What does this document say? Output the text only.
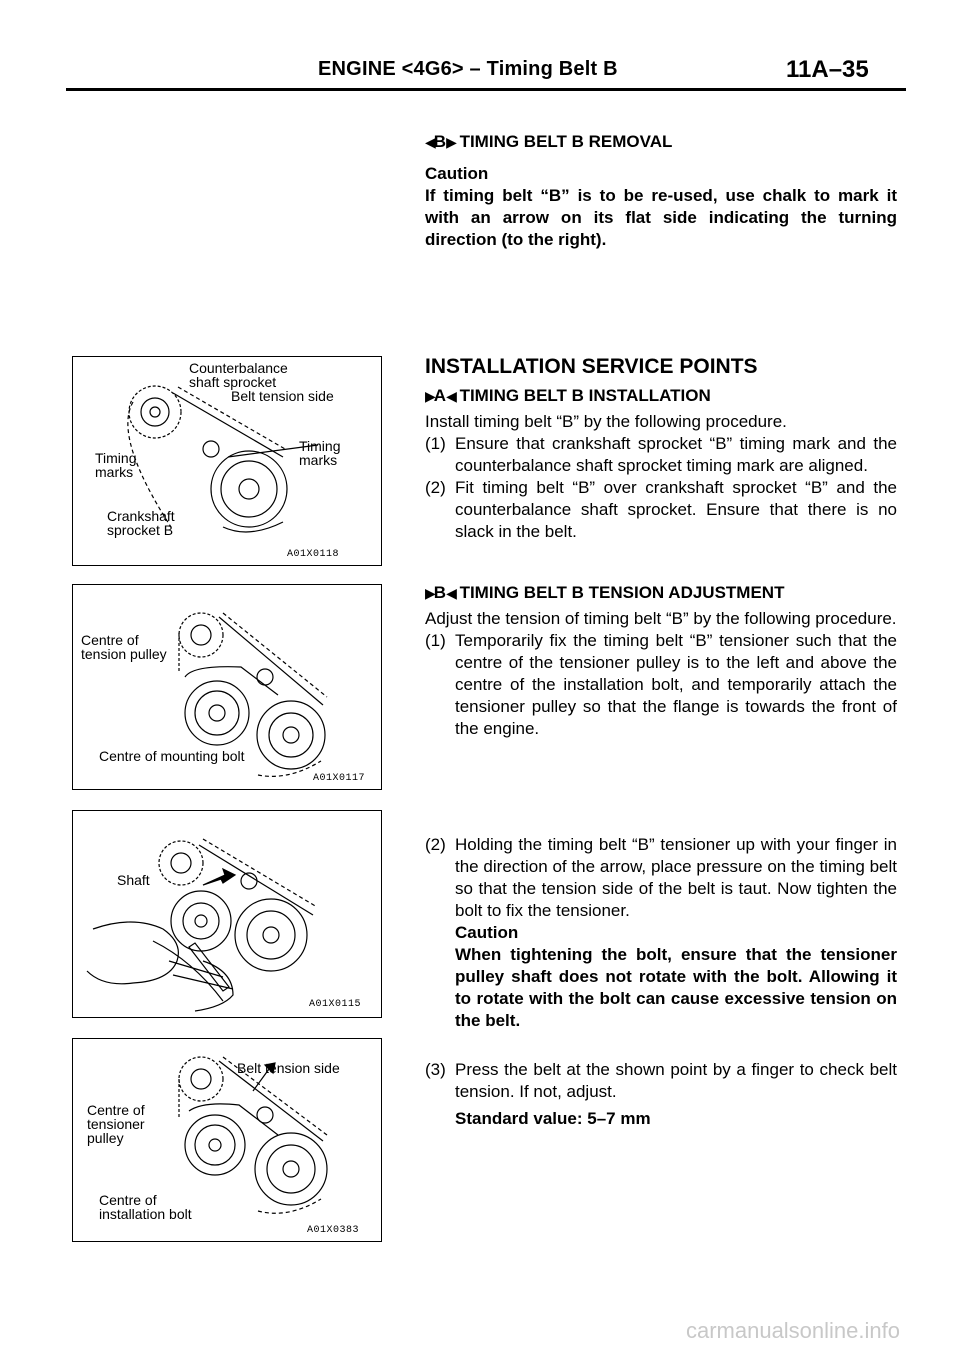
ENGINE <4G6> – Timing Belt B	11A–35
◀B▶ TIMING BELT B REMOVAL
Caution
If timing belt “B” is to be re-used, use chalk to mark it with an arrow on its flat side indicating the turning direction (to the right).
INSTALLATION SERVICE POINTS
▶A◀ TIMING BELT B INSTALLATION
Install timing belt “B” by the following procedure.
(1) Ensure that crankshaft sprocket “B” timing mark and the counterbalance shaft sprocket timing mark are aligned.
(2) Fit timing belt “B” over crankshaft sprocket “B” and the counterbalance shaft sprocket. Ensure that there is no slack in the belt.
▶B◀ TIMING BELT B TENSION ADJUSTMENT
Adjust the tension of timing belt “B” by the following procedure.
(1) Temporarily fix the timing belt “B” tensioner such that the centre of the tensioner pulley is to the left and above the centre of the installation bolt, and temporarily attach the tensioner pulley so that the flange is towards the front of the engine.
(2) Holding the timing belt “B” tensioner up with your finger in the direction of the arrow, place pressure on the timing belt so that the tension side of the belt is taut. Now tighten the bolt to fix the tensioner.
Caution
When tightening the bolt, ensure that the tensioner pulley shaft does not rotate with the bolt. Allowing it to rotate with the bolt can cause excessive tension on the belt.
(3) Press the belt at the shown point by a finger to check belt tension. If not, adjust.
Standard value: 5–7 mm
Counterbalance
shaft sprocket
Belt tension side
Timing
marks
Timing
marks
Crankshaft
sprocket B
A01X0118
Centre of
tension pulley
Centre of mounting bolt
A01X0117
Shaft
A01X0115
Belt tension side
Centre of
tensioner
pulley
Centre of
installation bolt
A01X0383
carmanualsonline.info
